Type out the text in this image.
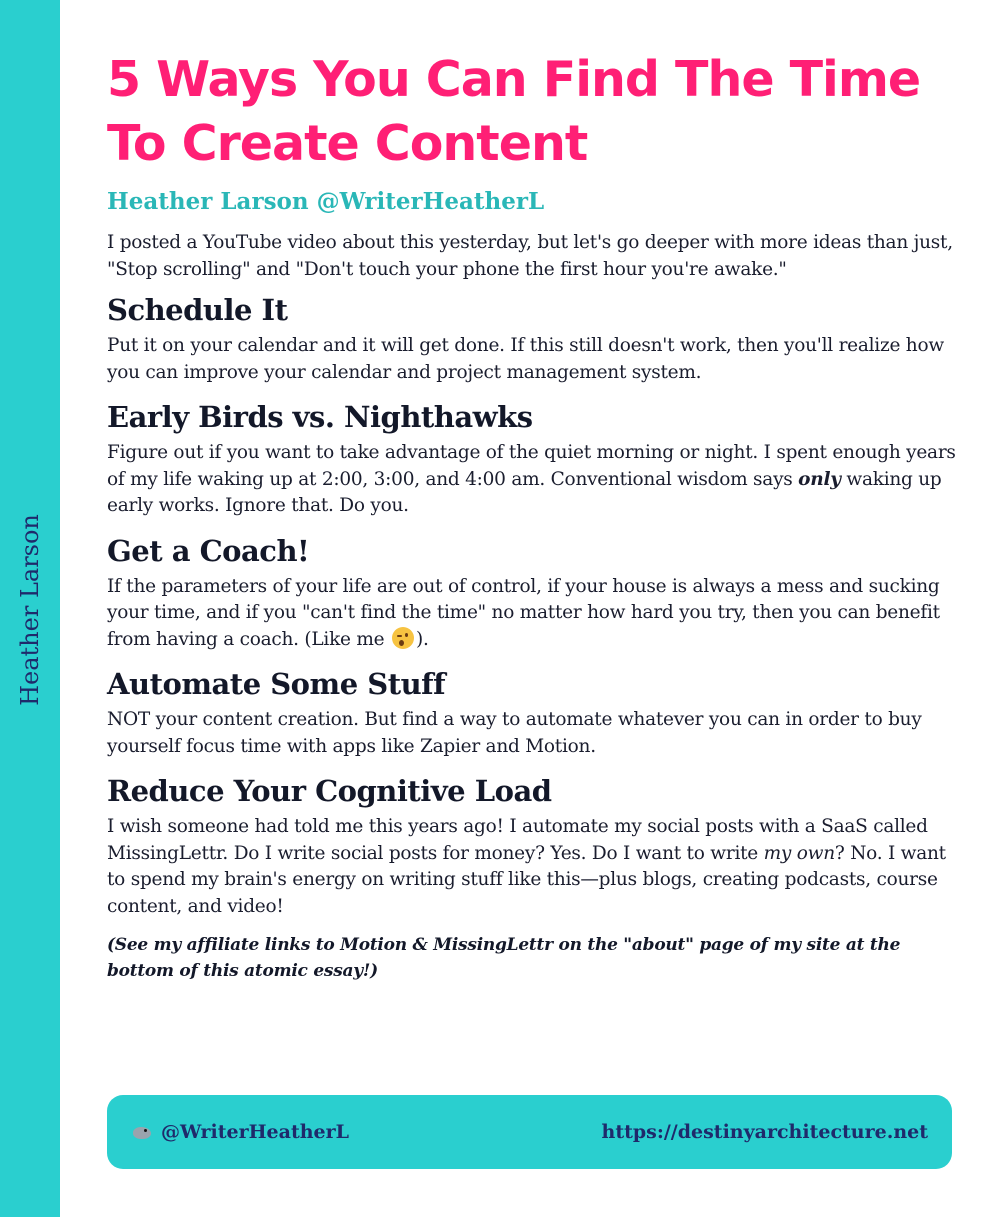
Heather Larson
5 Ways You Can Find The Time To Create Content
Heather Larson @WriterHeatherL

I posted a YouTube video about this yesterday, but let's go deeper with more ideas than just, "Stop scrolling" and "Don't touch your phone the first hour you're awake."

Schedule It

Put it on your calendar and it will get done. If this still doesn't work, then you'll realize how you can improve your calendar and project management system.

Early Birds vs. Nighthawks

Figure out if you want to take advantage of the quiet morning or night. I spent enough years of my life waking up at 2:00, 3:00, and 4:00 am. Conventional wisdom says only waking up early works. Ignore that. Do you.

Get a Coach!

If the parameters of your life are out of control, if your house is always a mess and sucking your time, and if you "can't find the time" no matter how hard you try, then you can benefit from having a coach. (Like me ).

Automate Some Stuff

NOT your content creation. But find a way to automate whatever you can in order to buy yourself focus time with apps like Zapier and Motion.

Reduce Your Cognitive Load

I wish someone had told me this years ago! I automate my social posts with a SaaS called MissingLettr. Do I write social posts for money? Yes. Do I want to write my own? No. I want to spend my brain's energy on writing stuff like this—plus blogs, creating podcasts, course content, and video!

(See my affiliate links to Motion & MissingLettr on the "about" page of my site at the bottom of this atomic essay!)

@WriterHeatherL	https://destinyarchitecture.net
